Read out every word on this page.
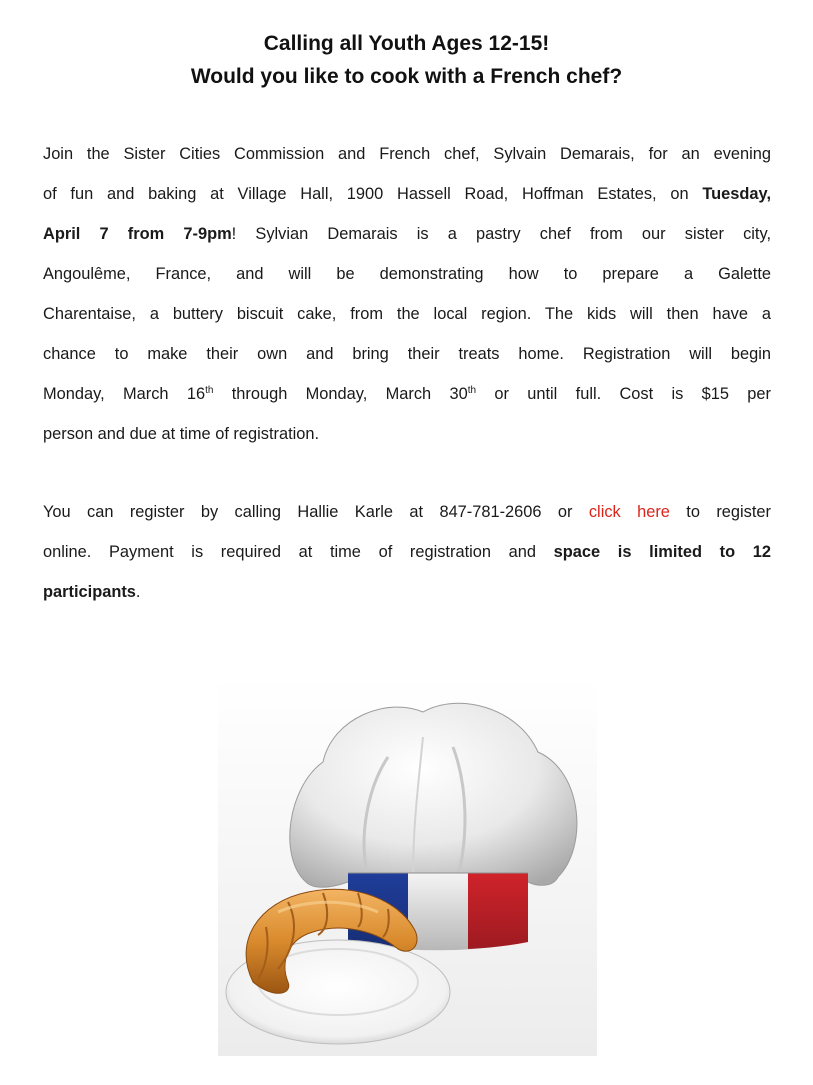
Calling all Youth Ages 12-15!
Would you like to cook with a French chef?
Join the Sister Cities Commission and French chef, Sylvain Demarais, for an evening
of fun and baking at Village Hall, 1900 Hassell Road, Hoffman Estates, on Tuesday,
April 7 from 7-9pm! Sylvian Demarais is a pastry chef from our sister city,
Angoulême, France, and will be demonstrating how to prepare a Galette
Charentaise, a buttery biscuit cake, from the local region. The kids will then have a
chance to make their own and bring their treats home. Registration will begin
Monday, March 16th through Monday, March 30th or until full. Cost is $15 per
person and due at time of registration.
You can register by calling Hallie Karle at 847-781-2606 or click here to register
online. Payment is required at time of registration and space is limited to 12
participants.
